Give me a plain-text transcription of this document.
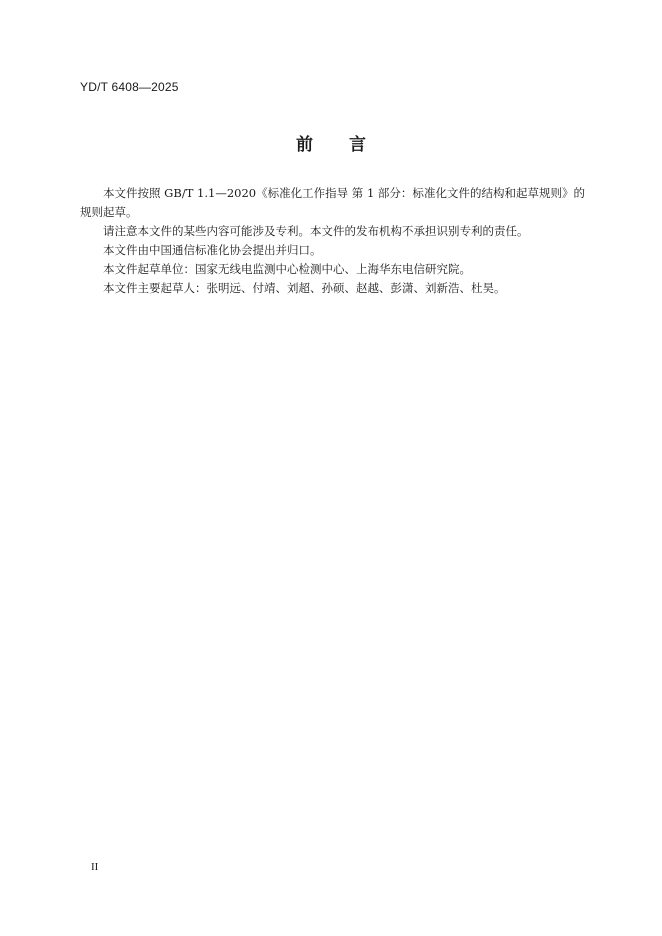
YD/T 6408—2025
前言

本文件按照 GB/T 1.1—2020《标准化工作指导 第 1 部分：标准化文件的结构和起草规则》的规则起草。

请注意本文件的某些内容可能涉及专利。本文件的发布机构不承担识别专利的责任。

本文件由中国通信标准化协会提出并归口。

本文件起草单位：国家无线电监测中心检测中心、上海华东电信研究院。

本文件主要起草人：张明远、付靖、刘超、孙硕、赵越、彭潇、刘新浩、杜昊。

II
